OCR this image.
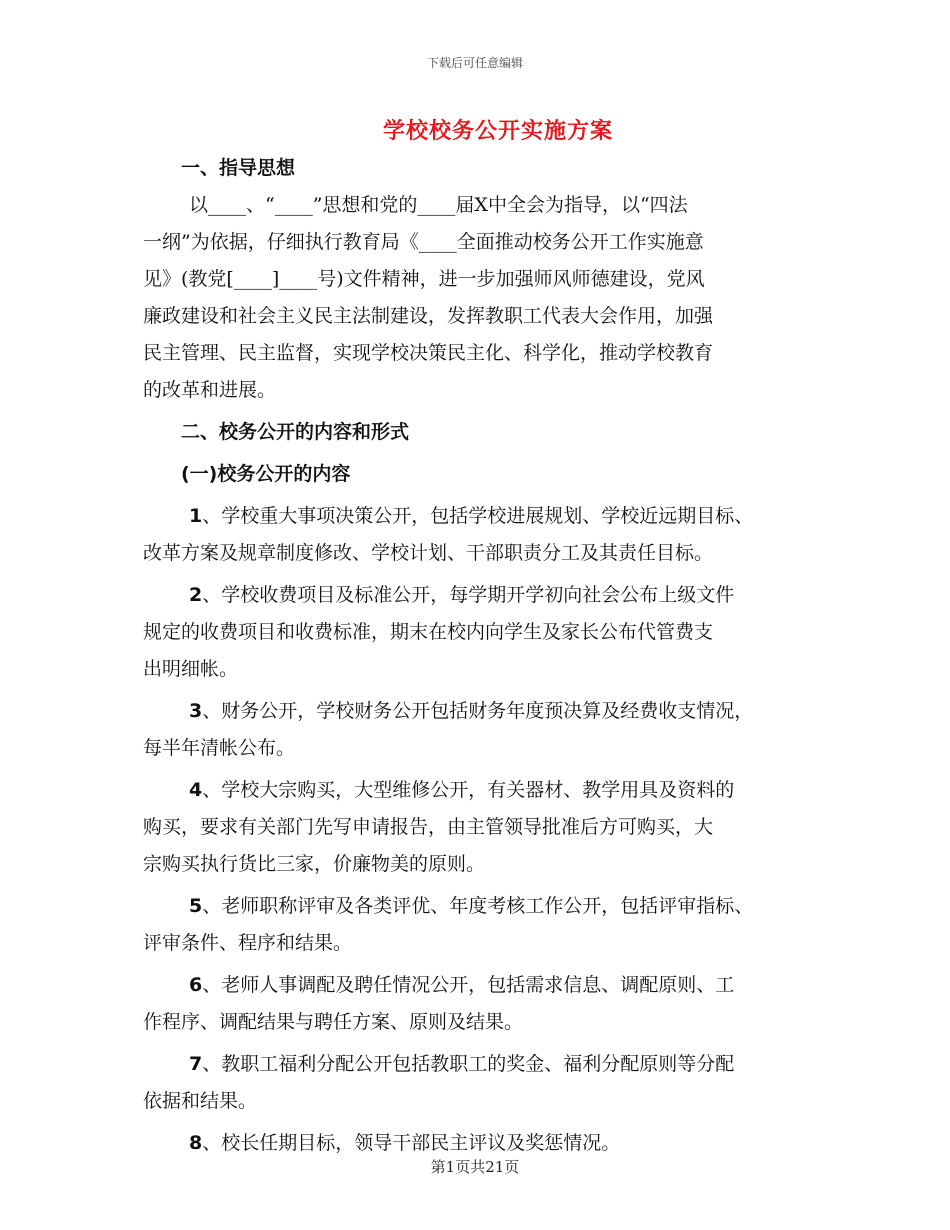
下载后可任意编辑
学校校务公开实施方案
一、指导思想
以____、“____”思想和党的____届X中全会为指导，以“四法
一纲”为依据，仔细执行教育局《____全面推动校务公开工作实施意
见》(教党[____]____号)文件精神，进一步加强师风师德建设，党风
廉政建设和社会主义民主法制建设，发挥教职工代表大会作用，加强
民主管理、民主监督，实现学校决策民主化、科学化，推动学校教育
的改革和进展。
二、校务公开的内容和形式
(一)校务公开的内容
1、学校重大事项决策公开，包括学校进展规划、学校近远期目标、
改革方案及规章制度修改、学校计划、干部职责分工及其责任目标。
2、学校收费项目及标准公开，每学期开学初向社会公布上级文件
规定的收费项目和收费标准，期末在校内向学生及家长公布代管费支
出明细帐。
3、财务公开，学校财务公开包括财务年度预决算及经费收支情况，
每半年清帐公布。
4、学校大宗购买，大型维修公开，有关器材、教学用具及资料的
购买，要求有关部门先写申请报告，由主管领导批准后方可购买，大
宗购买执行货比三家，价廉物美的原则。
5、老师职称评审及各类评优、年度考核工作公开，包括评审指标、
评审条件、程序和结果。
6、老师人事调配及聘任情况公开，包括需求信息、调配原则、工
作程序、调配结果与聘任方案、原则及结果。
7、教职工福利分配公开包括教职工的奖金、福利分配原则等分配
依据和结果。
8、校长任期目标，领导干部民主评议及奖惩情况。
第1页共21页
